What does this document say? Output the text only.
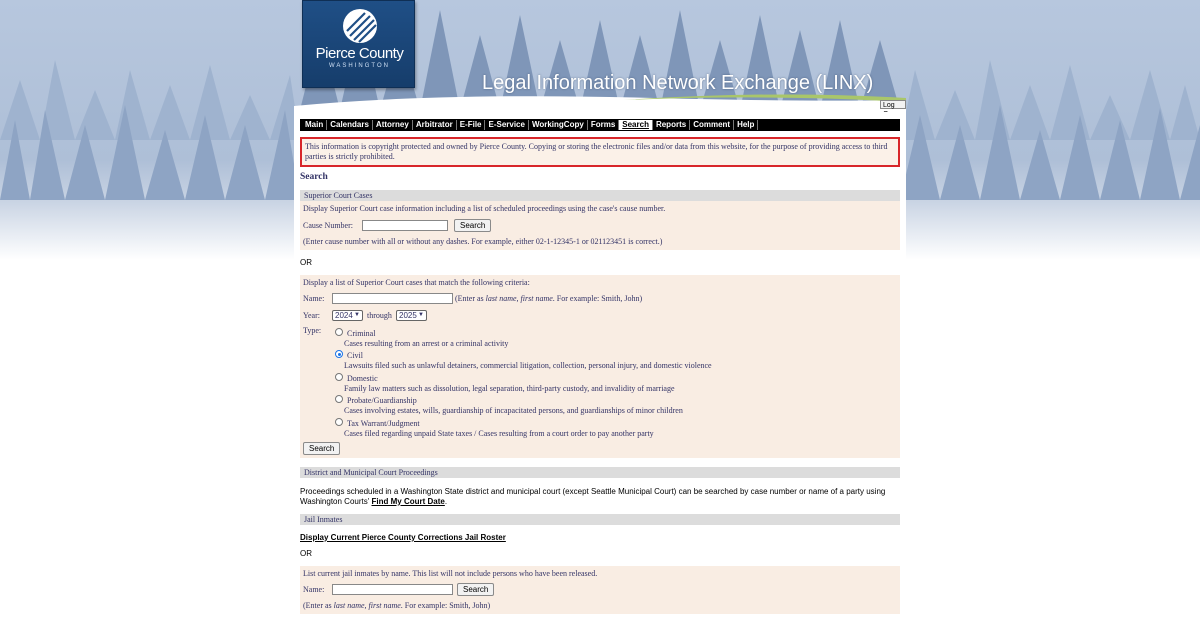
Pierce County
WASHINGTON
Legal Information Network Exchange (LINX)
Log
Main Calendars Attorney Arbitrator E-File E-Service WorkingCopy Forms Search Reports Comment Help
This information is copyright protected and owned by Pierce County. Copying or storing the electronic files and/or data from this website, for the purpose of providing access to third parties is strictly prohibited.
Search
Superior Court Cases
Display Superior Court case information including a list of scheduled proceedings using the case's cause number.
Cause Number:	Search
(Enter cause number with all or without any dashes. For example, either 02-1-12345-1 or 021123451 is correct.)
OR
Display a list of Superior Court cases that match the following criteria:
Name:	(Enter as last name, first name. For example: Smith, John)
Year:	2024 ▼ through 2025 ▼
Type:	Criminal
Cases resulting from an arrest or a criminal activity
Civil
Lawsuits filed such as unlawful detainers, commercial litigation, collection, personal injury, and domestic violence
Domestic
Family law matters such as dissolution, legal separation, third-party custody, and invalidity of marriage
Probate/Guardianship
Cases involving estates, wills, guardianship of incapacitated persons, and guardianships of minor children
Tax Warrant/Judgment
Cases filed regarding unpaid State taxes / Cases resulting from a court order to pay another party
Search
District and Municipal Court Proceedings
Proceedings scheduled in a Washington State district and municipal court (except Seattle Municipal Court) can be searched by case number or name of a party using Washington Courts' Find My Court Date.
Jail Inmates
Display Current Pierce County Corrections Jail Roster
OR
List current jail inmates by name. This list will not include persons who have been released.
Name:	Search
(Enter as last name, first name. For example: Smith, John)
